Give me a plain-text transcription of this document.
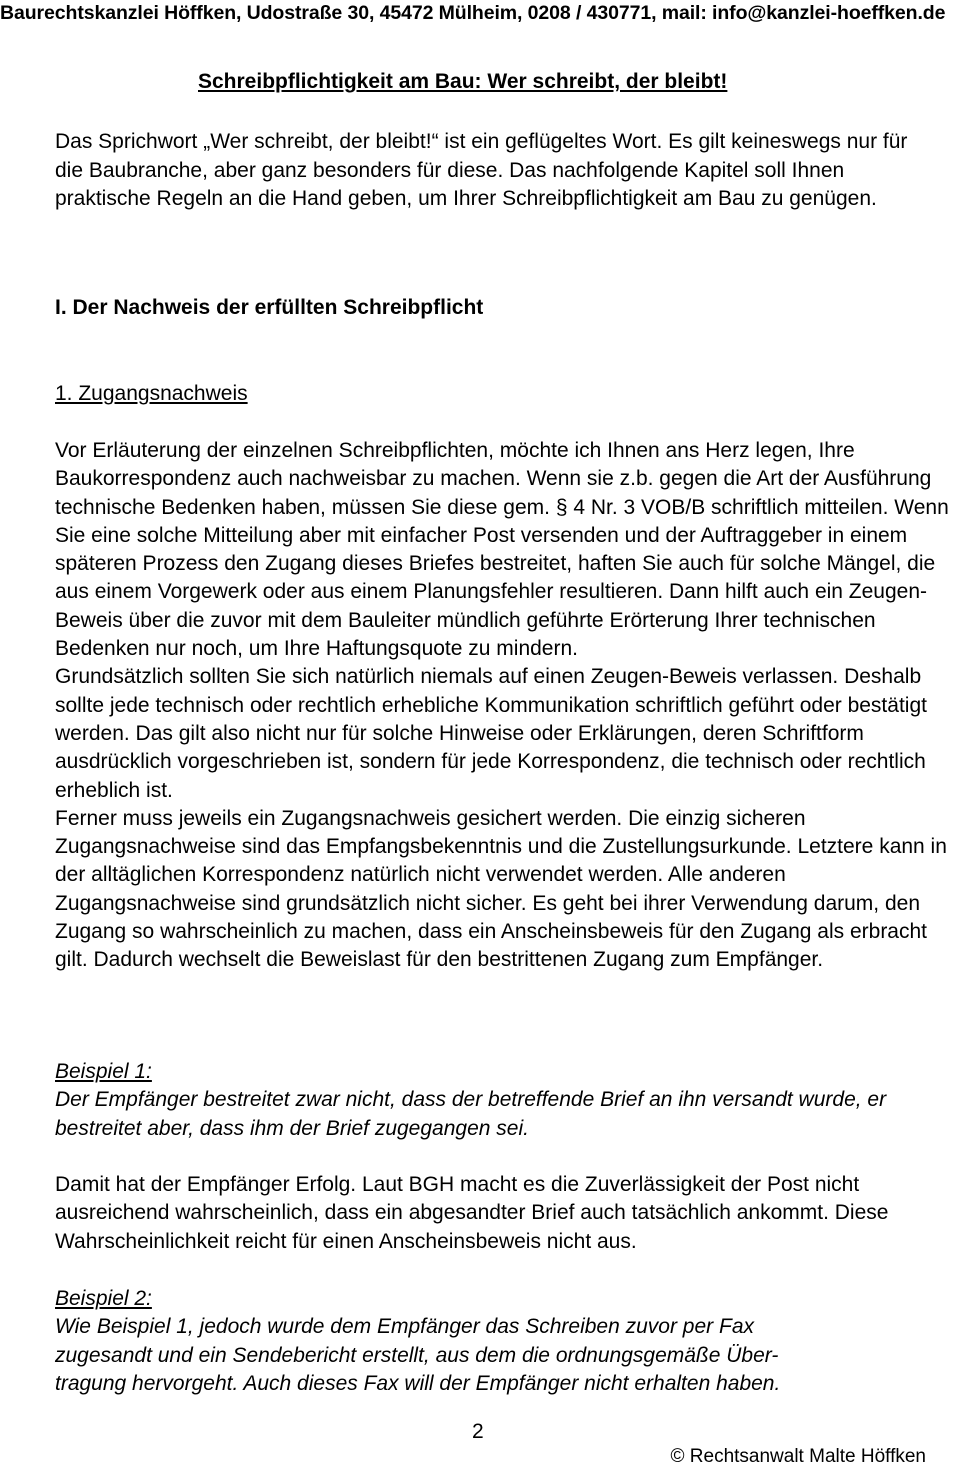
Baurechtskanzlei Höffken, Udostraße 30, 45472 Mülheim, 0208 / 430771, mail: info@kanzlei-hoeffken.de
Schreibpflichtigkeit am Bau: Wer schreibt, der bleibt!
Das Sprichwort „Wer schreibt, der bleibt!“ ist ein geflügeltes Wort. Es gilt keineswegs nur für die Baubranche, aber ganz besonders für diese. Das nachfolgende Kapitel soll Ihnen praktische Regeln an die Hand geben, um Ihrer Schreibpflichtigkeit am Bau zu genügen.
I. Der Nachweis der erfüllten Schreibpflicht
1. Zugangsnachweis

Vor Erläuterung der einzelnen Schreibpflichten, möchte ich Ihnen ans Herz legen, Ihre Baukorrespondenz auch nachweisbar zu machen. Wenn sie z.b. gegen die Art der Ausführung technische Bedenken haben, müssen Sie diese gem. § 4 Nr. 3 VOB/B schriftlich mitteilen. Wenn Sie eine solche Mitteilung aber mit einfacher Post versenden und der Auftraggeber in einem späteren Prozess den Zugang dieses Briefes bestreitet, haften Sie auch für solche Mängel, die aus einem Vorgewerk oder aus einem Planungsfehler resultieren. Dann hilft auch ein Zeugen-Beweis über die zuvor mit dem Bauleiter mündlich geführte Erörterung Ihrer technischen Bedenken nur noch, um Ihre Haftungsquote zu mindern.

Grundsätzlich sollten Sie sich natürlich niemals auf einen Zeugen-Beweis verlassen. Deshalb sollte jede technisch oder rechtlich erhebliche Kommunikation schriftlich geführt oder bestätigt werden. Das gilt also nicht nur für solche Hinweise oder Erklärungen, deren Schriftform ausdrücklich vorgeschrieben ist, sondern für jede Korrespondenz, die technisch oder rechtlich erheblich ist.

Ferner muss jeweils ein Zugangsnachweis gesichert werden. Die einzig sicheren Zugangsnachweise sind das Empfangsbekenntnis und die Zustellungsurkunde. Letztere kann in der alltäglichen Korrespondenz natürlich nicht verwendet werden. Alle anderen Zugangsnachweise sind grundsätzlich nicht sicher. Es geht bei ihrer Verwendung darum, den Zugang so wahrscheinlich zu machen, dass ein Anscheinsbeweis für den Zugang als erbracht gilt. Dadurch wechselt die Beweislast für den bestrittenen Zugang zum Empfänger.

Beispiel 1:
Der Empfänger bestreitet zwar nicht, dass der betreffende Brief an ihn versandt wurde, er bestreitet aber, dass ihm der Brief zugegangen sei.
Damit hat der Empfänger Erfolg. Laut BGH macht es die Zuverlässigkeit der Post nicht ausreichend wahrscheinlich, dass ein abgesandter Brief auch tatsächlich ankommt. Diese Wahrscheinlichkeit reicht für einen Anscheinsbeweis nicht aus.
Beispiel 2:
Wie Beispiel 1, jedoch wurde dem Empfänger das Schreiben zuvor per Fax
zugesandt und ein Sendebericht erstellt, aus dem die ordnungsgemäße Über-
tragung hervorgeht. Auch dieses Fax will der Empfänger nicht erhalten haben.
2
© Rechtsanwalt Malte Höffken
